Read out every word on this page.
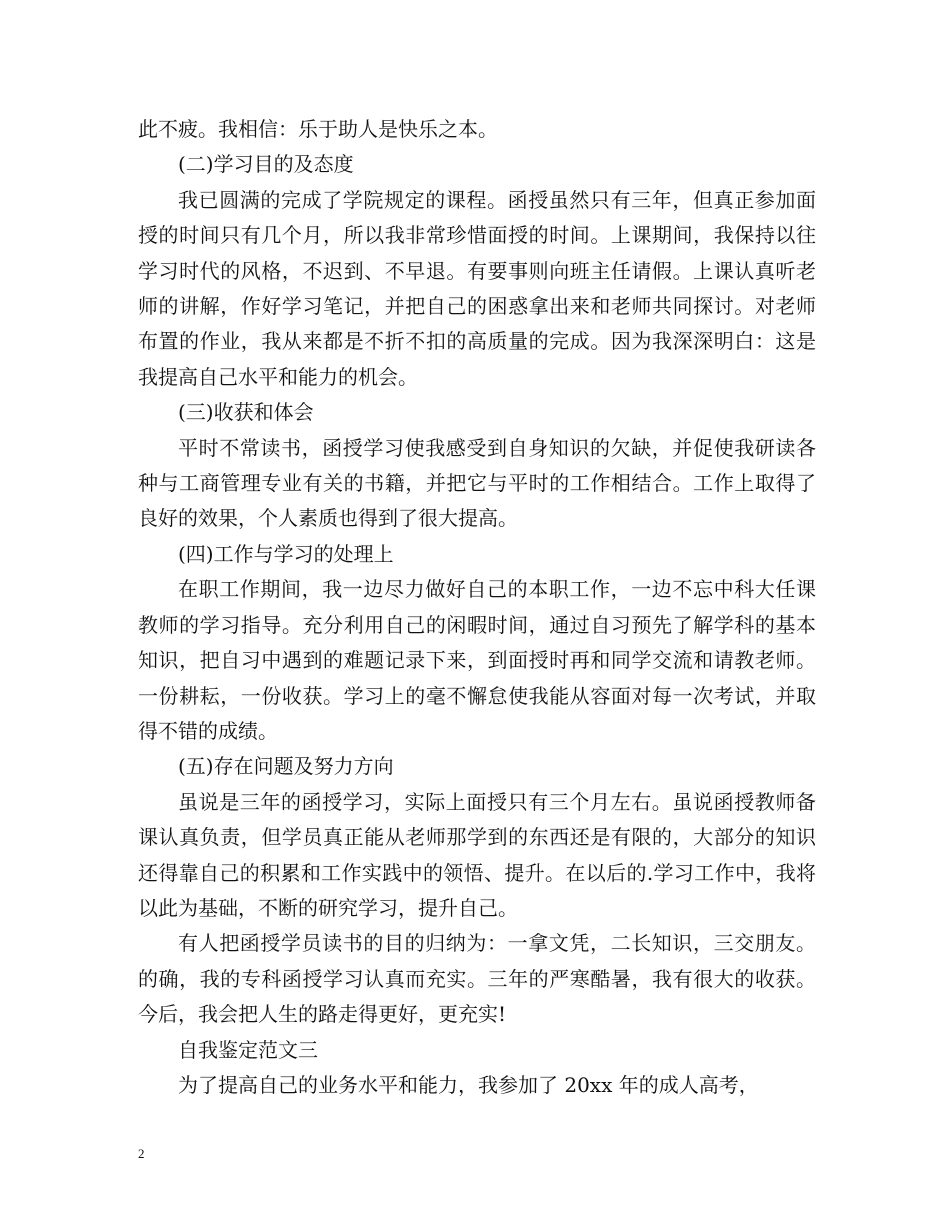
此不疲。我相信：乐于助人是快乐之本。

(二)学习目的及态度

我已圆满的完成了学院规定的课程。函授虽然只有三年，但真正参加面授的时间只有几个月，所以我非常珍惜面授的时间。上课期间，我保持以往学习时代的风格，不迟到、不早退。有要事则向班主任请假。上课认真听老师的讲解，作好学习笔记，并把自己的困惑拿出来和老师共同探讨。对老师布置的作业，我从来都是不折不扣的高质量的完成。因为我深深明白：这是我提高自己水平和能力的机会。

(三)收获和体会

平时不常读书，函授学习使我感受到自身知识的欠缺，并促使我研读各种与工商管理专业有关的书籍，并把它与平时的工作相结合。工作上取得了良好的效果，个人素质也得到了很大提高。

(四)工作与学习的处理上

在职工作期间，我一边尽力做好自己的本职工作，一边不忘中科大任课教师的学习指导。充分利用自己的闲暇时间，通过自习预先了解学科的基本知识，把自习中遇到的难题记录下来，到面授时再和同学交流和请教老师。一份耕耘，一份收获。学习上的毫不懈怠使我能从容面对每一次考试，并取得不错的成绩。

(五)存在问题及努力方向

虽说是三年的函授学习，实际上面授只有三个月左右。虽说函授教师备课认真负责，但学员真正能从老师那学到的东西还是有限的，大部分的知识还得靠自己的积累和工作实践中的领悟、提升。在以后的.学习工作中，我将以此为基础，不断的研究学习，提升自己。

有人把函授学员读书的目的归纳为：一拿文凭，二长知识，三交朋友。的确，我的专科函授学习认真而充实。三年的严寒酷暑，我有很大的收获。今后，我会把人生的路走得更好，更充实!

自我鉴定范文三

为了提高自己的业务水平和能力，我参加了 20xx 年的成人高考，

2
